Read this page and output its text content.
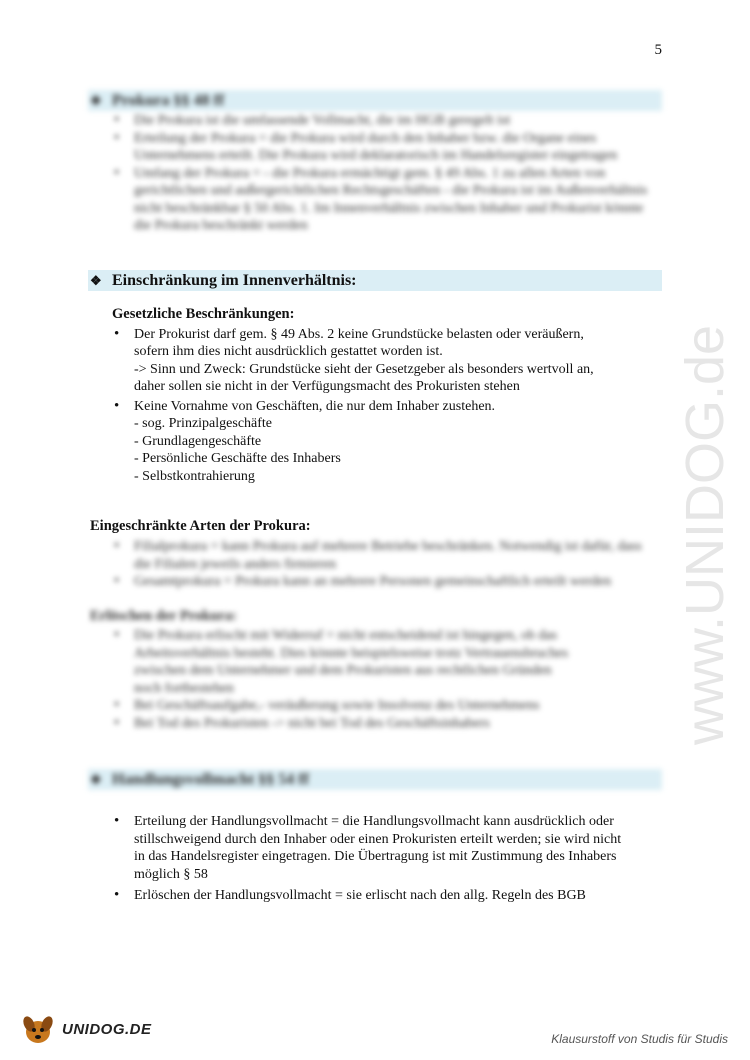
5
❖ Prokura §§ 48 ff
• Die Prokura ist die umfassende Vollmacht, die im HGB geregelt ist
• Erteilung der Prokura = die Prokura wird durch den Inhaber bzw. die Organe eines Unternehmens erteilt. Die Prokura wird deklaratorisch im Handelsregister eingetragen
• Umfang der Prokura = - die Prokura ermächtigt gem. § 49 Abs. 1 zu allen Arten von gerichtlichen und außergerichtlichen Rechtsgeschäften - die Prokura ist im Außenverhältnis nicht beschränkbar § 50 Abs. 1. Im Innenverhältnis zwischen Inhaber und Prokurist könnte die Prokura beschränkt werden
❖ Einschränkung im Innenverhältnis:
Gesetzliche Beschränkungen:
• Der Prokurist darf gem. § 49 Abs. 2 keine Grundstücke belasten oder veräußern,
sofern ihm dies nicht ausdrücklich gestattet worden ist.
-> Sinn und Zweck: Grundstücke sieht der Gesetzgeber als besonders wertvoll an,
daher sollen sie nicht in der Verfügungsmacht des Prokuristen stehen
• Keine Vornahme von Geschäften, die nur dem Inhaber zustehen.
- sog. Prinzipalgeschäfte
- Grundlagengeschäfte
- Persönliche Geschäfte des Inhabers
- Selbstkontrahierung
Eingeschränkte Arten der Prokura:
• Filialprokura = kann Prokura auf mehrere Betriebe beschränken. Notwendig ist dafür, dass die Filialen jeweils anders firmieren
• Gesamtprokura = Prokura kann an mehrere Personen gemeinschaftlich erteilt werden
Erlöschen der Prokura:
• Die Prokura erlischt mit Widerruf = nicht entscheidend ist hingegen, ob das Arbeitsverhältnis besteht. Dies könnte beispielsweise trotz Vertrauensbruches zwischen dem Unternehmer und dem Prokuristen aus rechtlichen Gründen noch fortbestehen
• Bei Geschäftsaufgabe,- veräußerung sowie Insolvenz des Unternehmens
• Bei Tod des Prokuristen -> nicht bei Tod des Geschäftsinhabers
❖ Handlungsvollmacht §§ 54 ff
• Erteilung der Handlungsvollmacht = die Handlungsvollmacht kann ausdrücklich oder
stillschweigend durch den Inhaber oder einen Prokuristen erteilt werden; sie wird nicht
in das Handelsregister eingetragen. Die Übertragung ist mit Zustimmung des Inhabers
möglich § 58
• Erlöschen der Handlungsvollmacht = sie erlischt nach den allg. Regeln des BGB
www.UNIDOG.de
UNIDOG.DE
Klausurstoff von Studis für Studis
